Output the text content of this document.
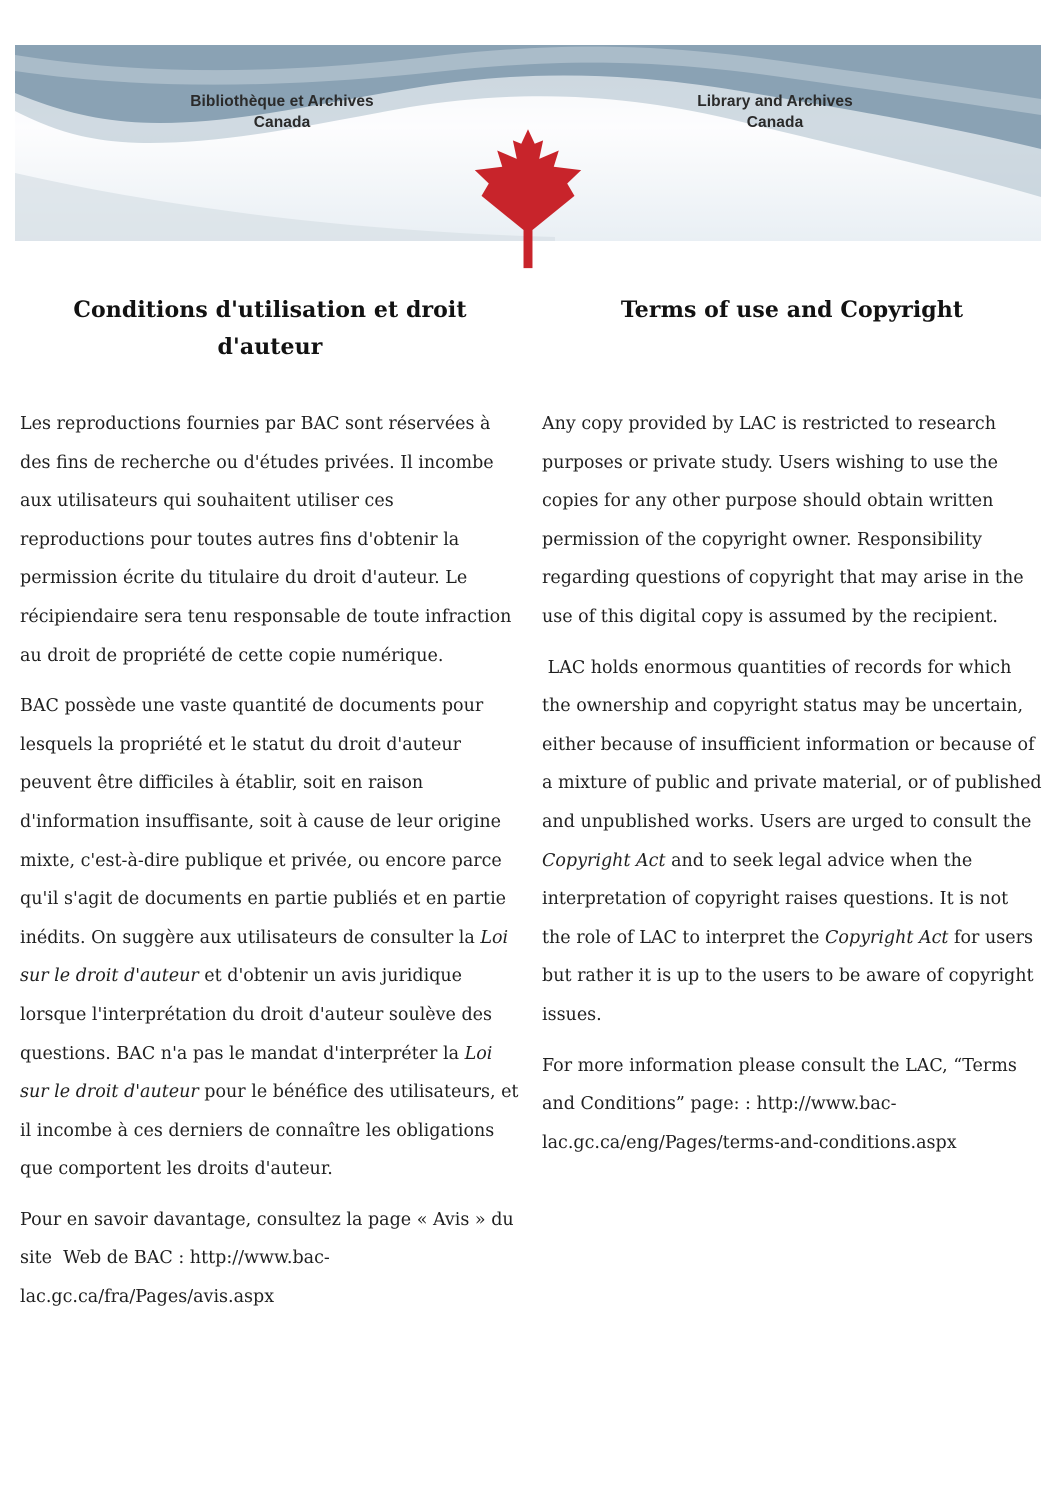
Bibliothèque et Archives
Canada
Library and Archives
Canada
Conditions d'utilisation et droit
d'auteur

Les reproductions fournies par BAC sont réservées à des fins de recherche ou d'études privées. Il incombe aux utilisateurs qui souhaitent utiliser ces reproductions pour toutes autres fins d'obtenir la permission écrite du titulaire du droit d'auteur. Le récipiendaire sera tenu responsable de toute infraction au droit de propriété de cette copie numérique.

BAC possède une vaste quantité de documents pour lesquels la propriété et le statut du droit d'auteur peuvent être difficiles à établir, soit en raison d'information insuffisante, soit à cause de leur origine mixte, c'est-à-dire publique et privée, ou encore parce qu'il s'agit de documents en partie publiés et en partie inédits. On suggère aux utilisateurs de consulter la Loi sur le droit d'auteur et d'obtenir un avis juridique lorsque l'interprétation du droit d'auteur soulève des questions. BAC n'a pas le mandat d'interpréter la Loi sur le droit d'auteur pour le bénéfice des utilisateurs, et il incombe à ces derniers de connaître les obligations que comportent les droits d'auteur.

Pour en savoir davantage, consultez la page « Avis » du site  Web de BAC : http://www.bac-lac.gc.ca/fra/Pages/avis.aspx

Terms of use and Copyright

Any copy provided by LAC is restricted to research purposes or private study. Users wishing to use the copies for any other purpose should obtain written permission of the copyright owner. Responsibility regarding questions of copyright that may arise in the use of this digital copy is assumed by the recipient.

LAC holds enormous quantities of records for which the ownership and copyright status may be uncertain, either because of insufficient information or because of a mixture of public and private material, or of published and unpublished works. Users are urged to consult the Copyright Act and to seek legal advice when the interpretation of copyright raises questions. It is not the role of LAC to interpret the Copyright Act for users but rather it is up to the users to be aware of copyright issues.

For more information please consult the LAC, “Terms and Conditions” page: : http://www.bac-lac.gc.ca/eng/Pages/terms-and-conditions.aspx
